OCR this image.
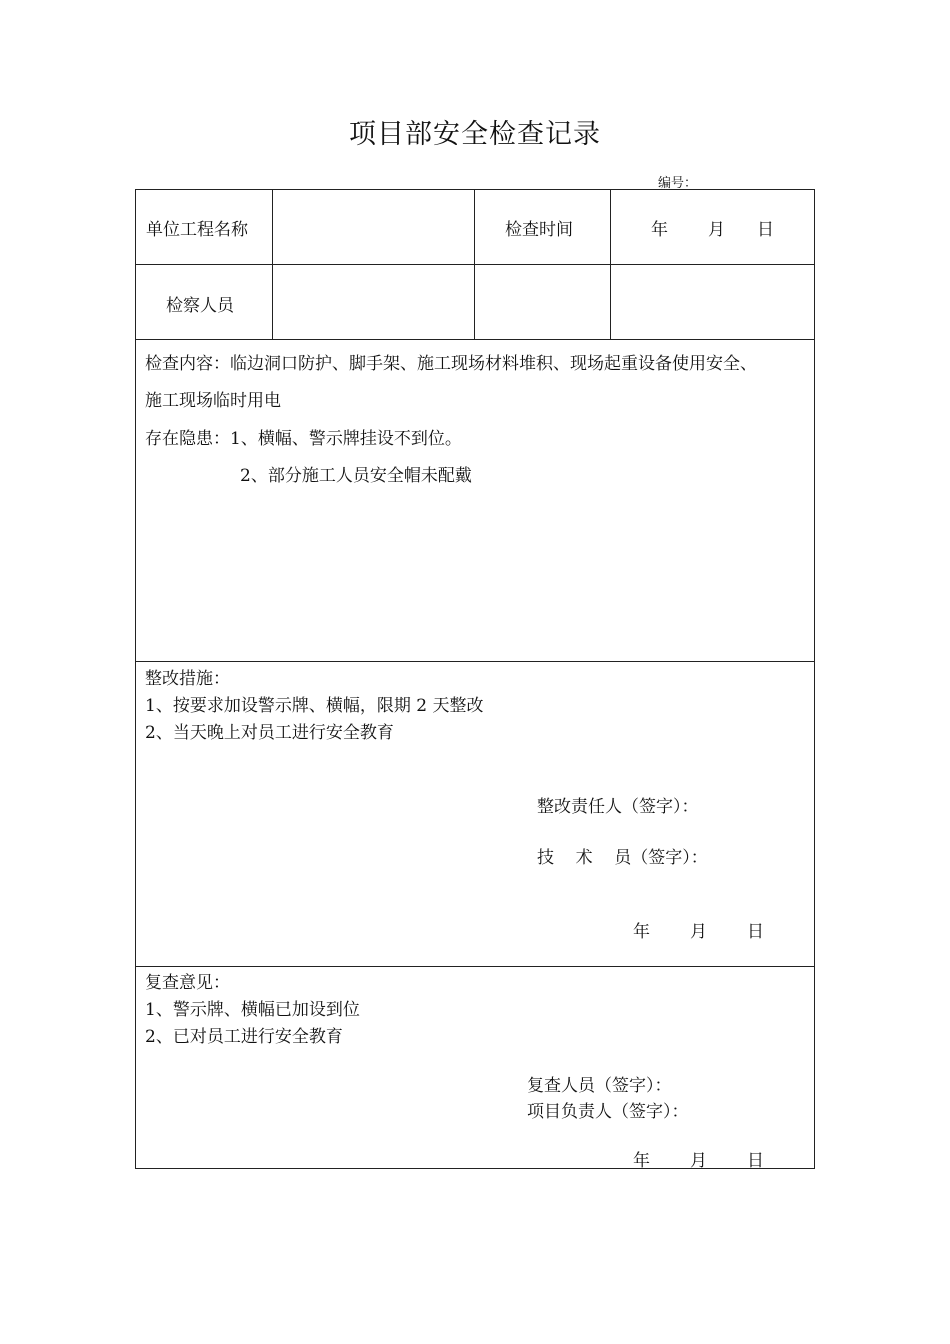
项目部安全检查记录
编号：
单位工程名称	检查时间	年 月 日
检察人员
检查内容：临边洞口防护、脚手架、施工现场材料堆积、现场起重设备使用安全、
施工现场临时用电
存在隐患：1、横幅、警示牌挂设不到位。
2、部分施工人员安全帽未配戴
整改措施：
1、按要求加设警示牌、横幅，限期 2 天整改
2、当天晚上对员工进行安全教育
整改责任人（签字）：
技    术    员（签字）：
年 月 日
复查意见：
1、警示牌、横幅已加设到位
2、已对员工进行安全教育
复查人员（签字）：
项目负责人（签字）：
年 月 日
